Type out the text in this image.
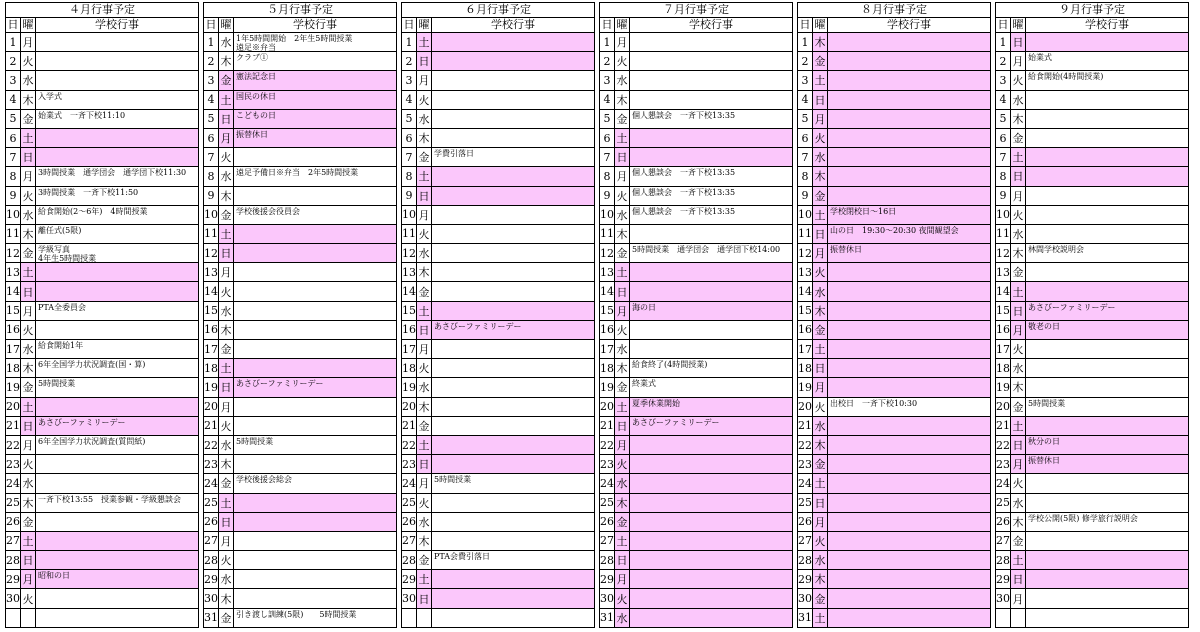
４月行事予定
日 曜	学校行事
1 月
2 火
3 水
4 木 入学式
5 金 始業式　一斉下校11:10
6 土
7 日
8 月 3時間授業　通学団会　通学団下校11:30
9 火 3時間授業　一斉下校11:50
10 水 給食開始(2～6年)　4時間授業
11 木 離任式(5限)
12 金 学級写真
4年生5時間授業
13 土
14 日
15 月 PTA全委員会
16 火
17 水 給食開始1年
18 木 6年全国学力状況調査(国・算)
19 金 5時間授業
20 土
21 日 あさびーファミリーデー
22 月 6年全国学力状況調査(質問紙)
23 火
24 水
25 木 一斉下校13:55　授業参観・学級懇談会
26 金
27 土
28 日
29 月 昭和の日
30 火
５月行事予定
日 曜	学校行事
1 水 1年5時間開始　2年生5時間授業
遠足※弁当

2 木 クラブ①
3 金 憲法記念日
4 土 国民の休日
5 日 こどもの日
6 月 振替休日
7 火
8 水 遠足予備日※弁当　2年5時間授業
9 木
10 金 学校後援会役員会
11 土
12 日
13 月
14 火
15 水
16 木
17 金
18 土
19 日 あさびーファミリーデー
20 月
21 火
22 水 5時間授業
23 木
24 金 学校後援会総会
25 土
26 日
27 月
28 火
29 水
30 木
31 金 引き渡し訓練(5限)　　5時間授業
６月行事予定
日 曜	学校行事
1 土
2 日
3 月
4 火
5 水
6 木
7 金 学費引落日
8 土
9 日
10 月
11 火
12 水
13 木
14 金
15 土
16 日 あさびーファミリーデー
17 月
18 火
19 水
20 木
21 金
22 土
23 日
24 月 5時間授業
25 火
26 水
27 木
28 金 PTA会費引落日
29 土
30 日
７月行事予定
日 曜	学校行事
1 月
2 火
3 水
4 木
5 金 個人懇談会　一斉下校13:35
6 土
7 日
8 月 個人懇談会　一斉下校13:35
9 火 個人懇談会　一斉下校13:35
10 水 個人懇談会　一斉下校13:35
11 木
12 金 5時間授業　通学団会　通学団下校14:00
13 土
14 日
15 月 海の日
16 火
17 水
18 木 給食終了(4時間授業)
19 金 終業式
20 土 夏季休業開始
21 日 あさびーファミリーデー
22 月
23 火
24 水
25 木
26 金
27 土
28 日
29 月
30 火
31 水
８月行事予定
日 曜	学校行事
1 木
2 金
3 土
4 日
5 月
6 火
7 水
8 木
9 金
10 土 学校閉校日～16日
11 日 山の日　19:30～20:30 夜間観望会
12 月 振替休日
13 火
14 水
15 木
16 金
17 土
18 日
19 月
20 火 出校日　一斉下校10:30
21 水
22 木
23 金
24 土
25 日
26 月
27 火
28 水
29 木
30 金
31 土
９月行事予定
日 曜	学校行事
1 日
2 月 始業式
3 火 給食開始(4時間授業)
4 水
5 木
6 金
7 土
8 日
9 月
10 火
11 水
12 木 林間学校説明会
13 金
14 土
15 日 あさびーファミリーデー
16 月 敬老の日
17 火
18 水
19 木
20 金 5時間授業
21 土
22 日 秋分の日
23 月 振替休日
24 火
25 水
26 木 学校公開(5限) 修学旅行説明会
27 金
28 土
29 日
30 月
